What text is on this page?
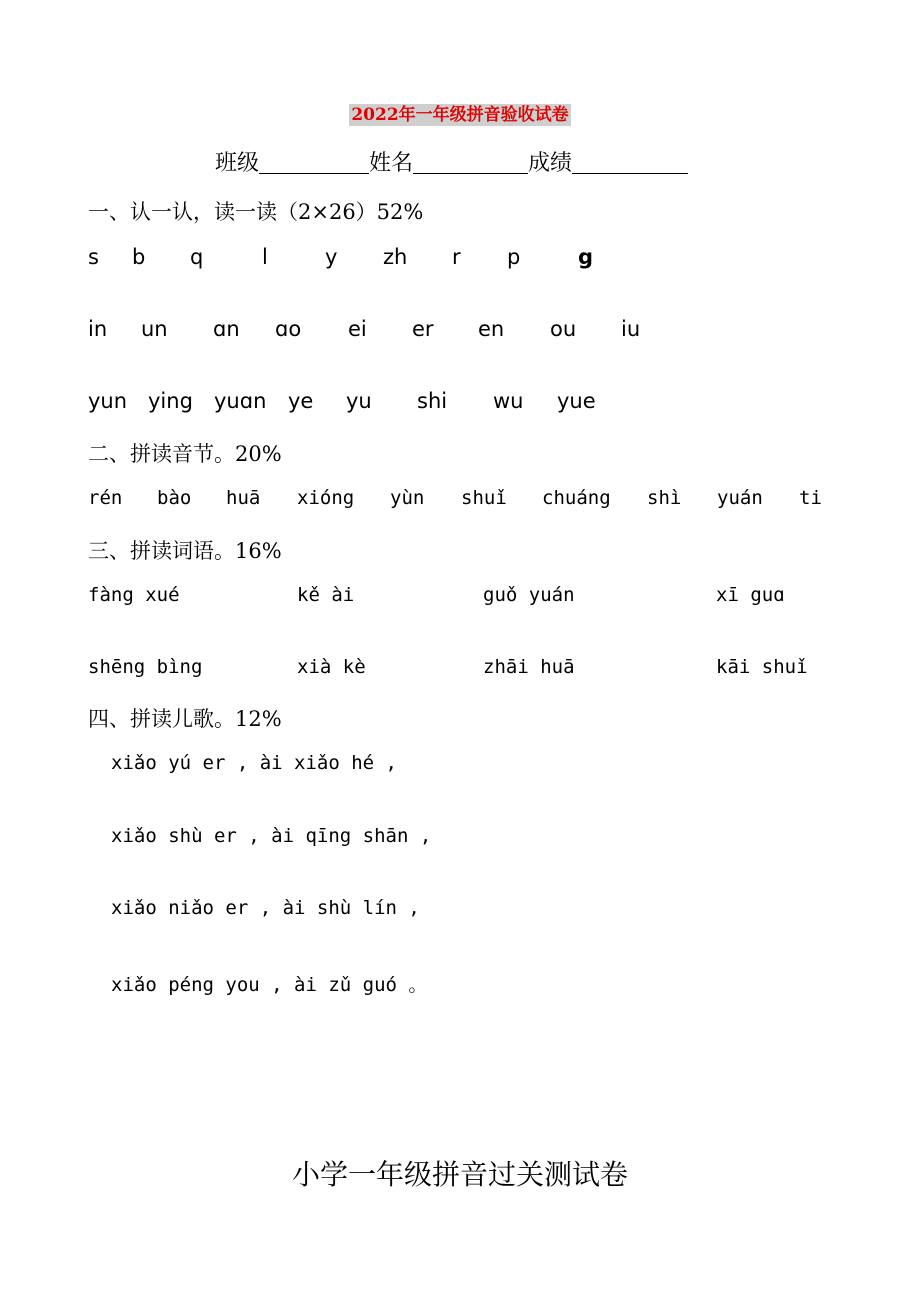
2022年一年级拼音验收试卷
班级	姓名	成绩
一、认一认，读一读（2×26）52%
s b q	l	y zh r p	g
in un ɑn ɑo ei er en ou iu
yun ying yuɑn ye yu shi wu yue
二、拼读音节。20%
rén bào huā xióng yùn shuǐ chuáng shì yuán ti
三、拼读词语。16%
fàng xué	kě ài	guǒ yuán	xī guɑ
shēng bìng	xià kè	zhāi huā	kāi shuǐ
四、拼读儿歌。12%
xiǎo yú er , ài xiǎo hé ,
xiǎo shù er , ài qīng shān ,
xiǎo niǎo er , ài shù lín ,
xiǎo péng you , ài zǔ guó 。
小学一年级拼音过关测试卷
